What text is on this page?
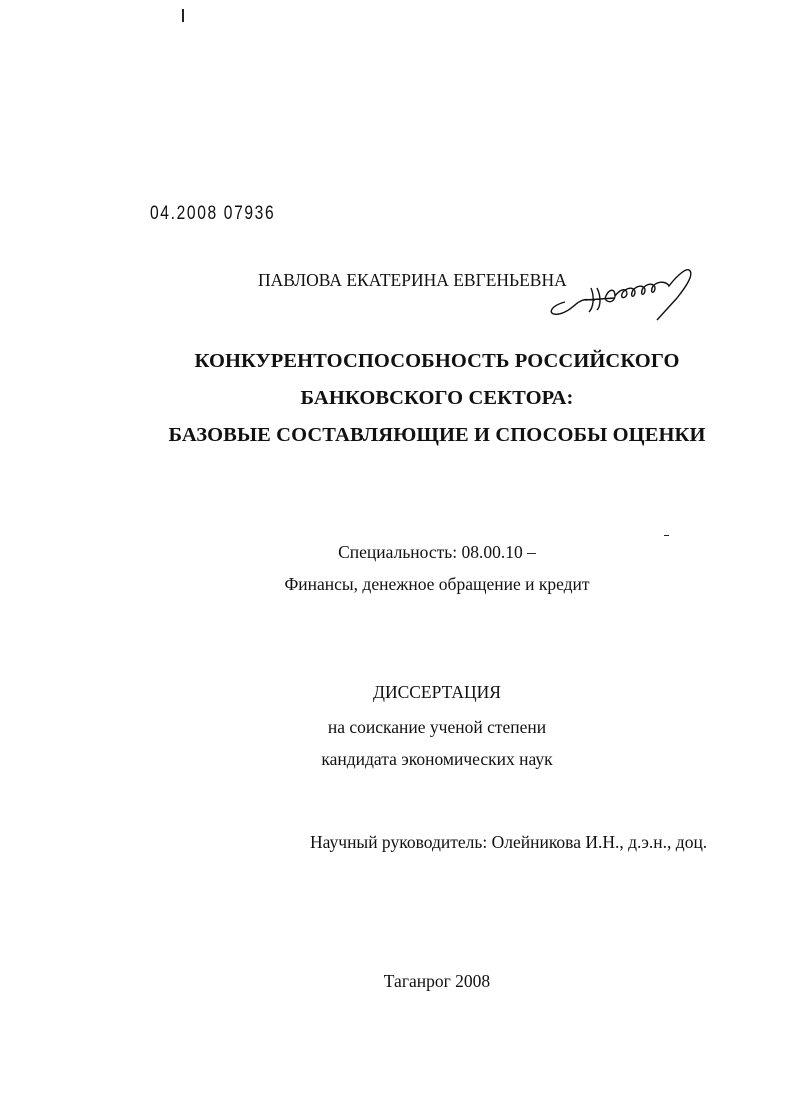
04.2008 07936
ПАВЛОВА ЕКАТЕРИНА ЕВГЕНЬЕВНА
КОНКУРЕНТОСПОСОБНОСТЬ РОССИЙСКОГО
БАНКОВСКОГО СЕКТОРА:
БАЗОВЫЕ СОСТАВЛЯЮЩИЕ И СПОСОБЫ ОЦЕНКИ
Специальность: 08.00.10 –
Финансы, денежное обращение и кредит
ДИССЕРТАЦИЯ
на соискание ученой степени
кандидата экономических наук
Научный руководитель: Олейникова И.Н., д.э.н., доц.
Таганрог 2008
